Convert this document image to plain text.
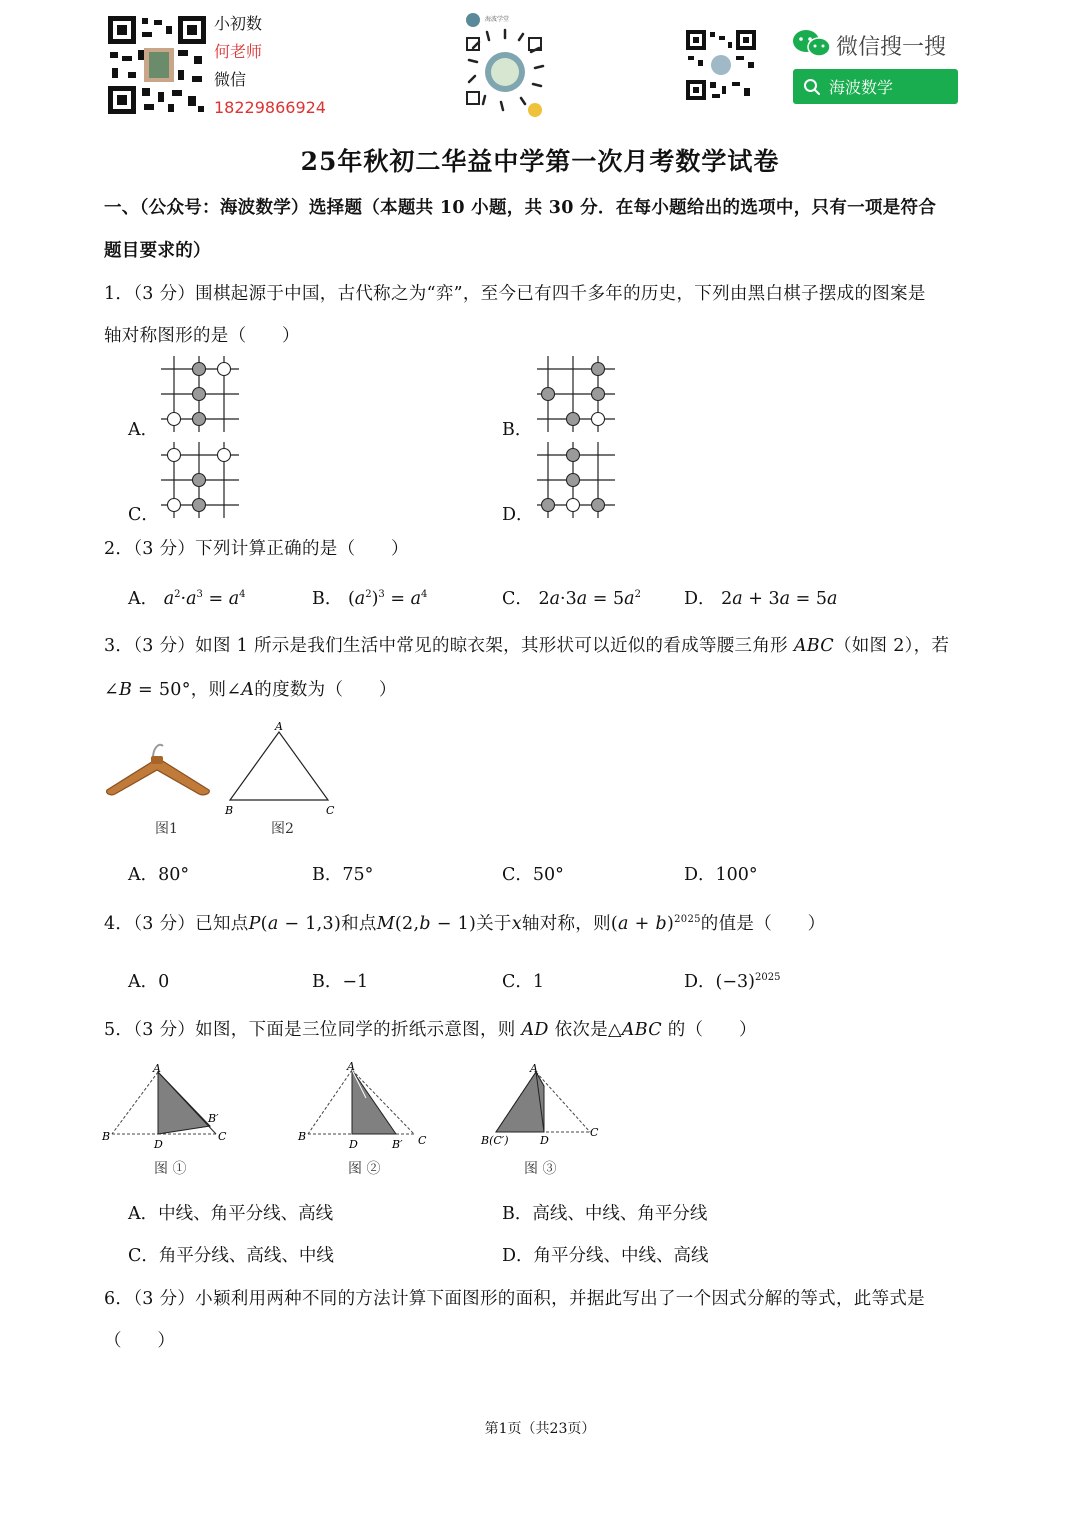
小初数
何老师
微信
18229866924
海波学堂
微信搜一搜
海波数学
25年秋初二华益中学第一次月考数学试卷
一、（公众号：海波数学）选择题（本题共 10 小题，共 30 分．在每小题给出的选项中，只有一项是符合
题目要求的）
1．（3 分）围棋起源于中国，古代称之为“弈”，至今已有四千多年的历史，下列由黑白棋子摆成的图案是
轴对称图形的是（　　）
A．	B．
C．	D．
2．（3 分）下列计算正确的是（　　）
A． $a^2\cdot a^3 = a^4$	B． $(a^2)^3 = a^4$	C． $2a\cdot 3a = 5a^2$ D． 2a + 3a = 5a
3．（3 分）如图 1 所示是我们生活中常见的晾衣架，其形状可以近似的看成等腰三角形 ABC（如图 2），若
∠B = 50°，则∠A的度数为（　　）
A
B	C
图1	图2
A．80°	B．75°	C．50°	D．100°
4．（3 分）已知点P(a − 1,3)和点M(2,b − 1)关于x轴对称，则$(a + b)^{2025}$的值是（　　）
A．0	B．−1	C．1	D．$(-3)^{2025}$
5．（3 分）如图，下面是三位同学的折纸示意图，则 AD 依次是△ABC 的（　　）
A
B
D
B′
C
A
B
D	B′ C
A
B(C′)	D
C
图 ①	图 ②	图 ③
A．中线、角平分线、高线	B．高线、中线、角平分线
C．角平分线、高线、中线	D．角平分线、中线、高线
6．（3 分）小颖利用两种不同的方法计算下面图形的面积，并据此写出了一个因式分解的等式，此等式是
（　　）
第1页（共23页）
